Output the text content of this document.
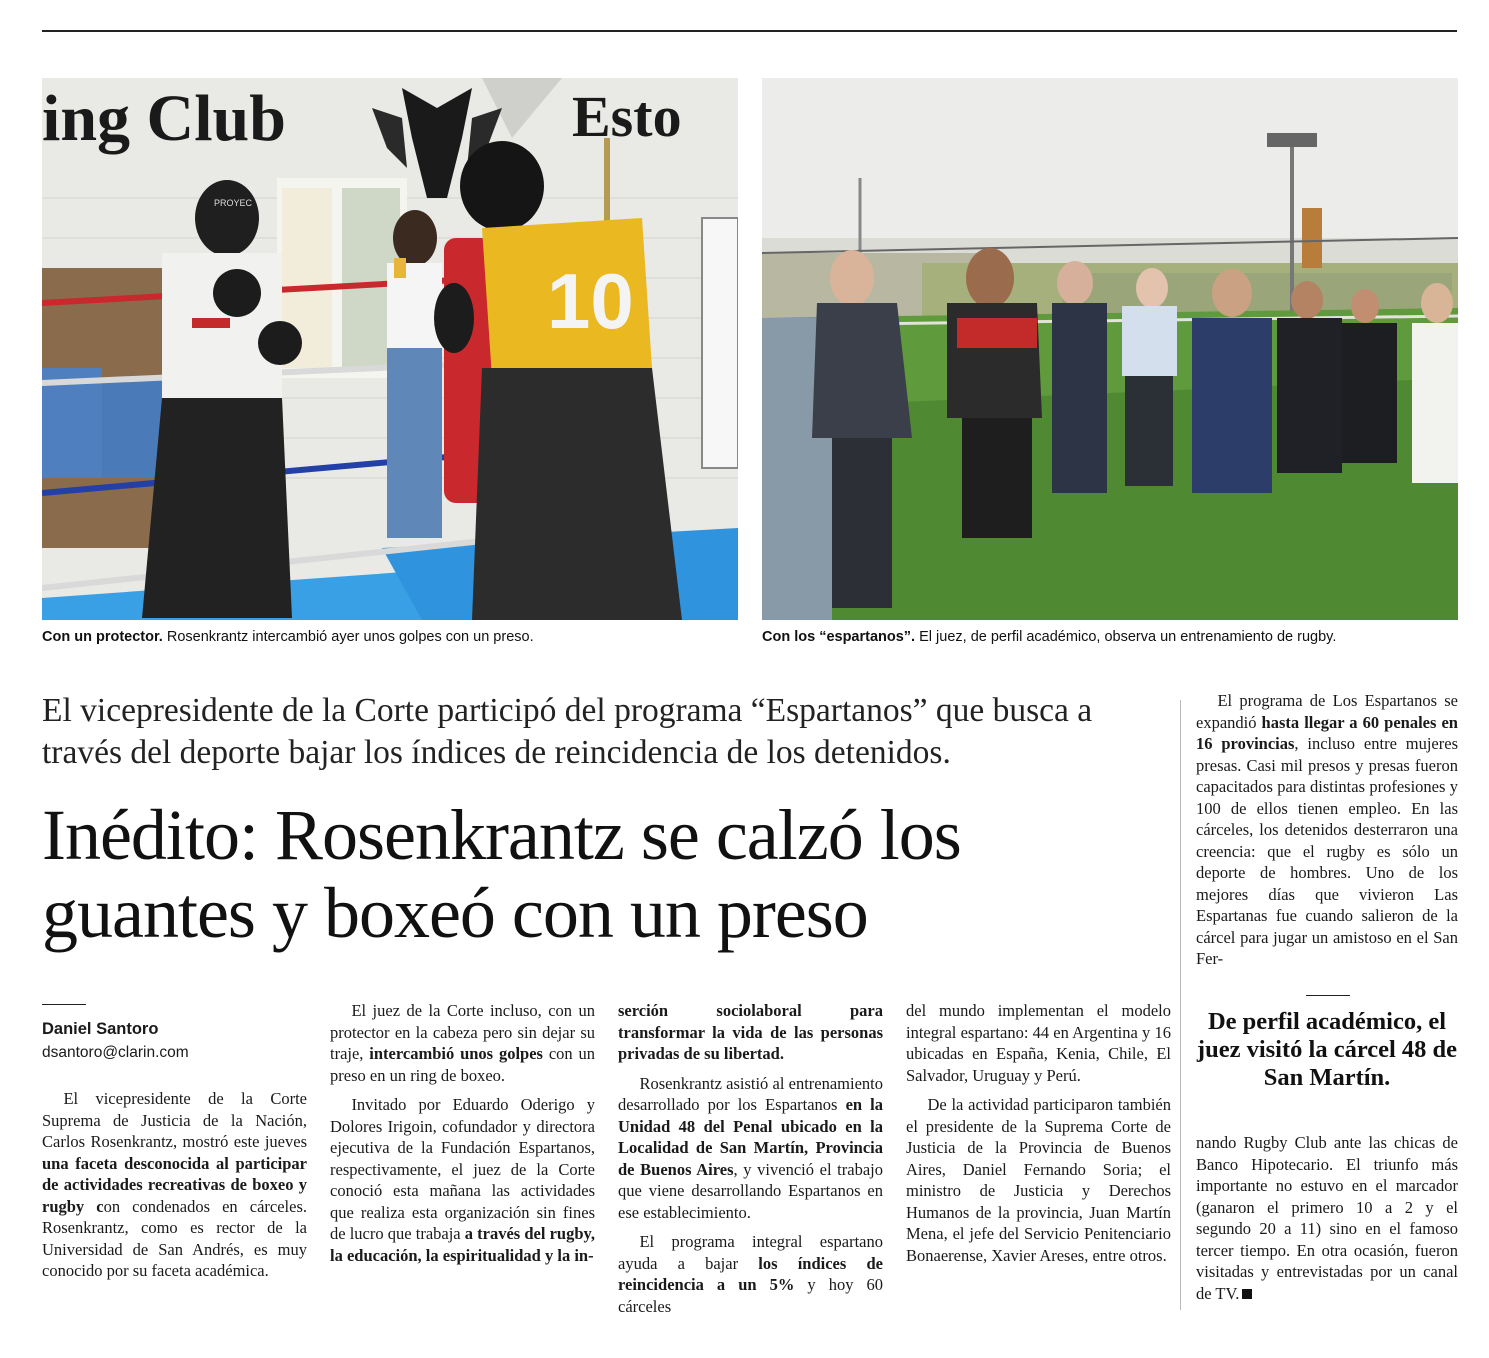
ing Club	Esto
PROYEC
10
Con un protector. Rosenkrantz intercambió ayer unos golpes con un preso.	Con los “espartanos”. El juez, de perfil académico, observa un entrenamiento de rugby.
El vicepresidente de la Corte participó del programa “Espartanos” que busca a través del deporte bajar los índices de reincidencia de los detenidos.
Inédito: Rosenkrantz se calzó los guantes y boxeó con un preso
Daniel Santoro
dsantoro@clarin.com

El vicepresidente de la Corte Suprema de Justicia de la Nación, Carlos Rosenkrantz, mostró este jueves una faceta desconocida al participar de actividades recreativas de boxeo y rugby con condenados en cárceles. Rosenkrantz, como es rector de la Universidad de San Andrés, es muy conocido por su faceta académica.

El juez de la Corte incluso, con un protector en la cabeza pero sin dejar su traje, intercambió unos golpes con un preso en un ring de boxeo.

Invitado por Eduardo Oderigo y Dolores Irigoin, cofundador y directora ejecutiva de la Fundación Espartanos, respectivamente, el juez de la Corte conoció esta mañana las actividades que realiza esta organización sin fines de lucro que trabaja a través del rugby, la educación, la espiritualidad y la in-

serción sociolaboral para transformar la vida de las personas privadas de su libertad.

Rosenkrantz asistió al entrenamiento desarrollado por los Espartanos en la Unidad 48 del Penal ubicado en la Localidad de San Martín, Provincia de Buenos Aires, y vivenció el trabajo que viene desarrollando Espartanos en ese establecimiento.

El programa integral espartano ayuda a bajar los índices de reincidencia a un 5% y hoy 60 cárceles

del mundo implementan el modelo integral espartano: 44 en Argentina y 16 ubicadas en España, Kenia, Chile, El Salvador, Uruguay y Perú.

De la actividad participaron también el presidente de la Suprema Corte de Justicia de la Provincia de Buenos Aires, Daniel Fernando Soria; el ministro de Justicia y Derechos Humanos de la provincia, Juan Martín Mena, el jefe del Servicio Penitenciario Bonaerense, Xavier Areses, entre otros.

El programa de Los Espartanos se expandió hasta llegar a 60 penales en 16 provincias, incluso entre mujeres presas. Casi mil presos y presas fueron capacitados para distintas profesiones y 100 de ellos tienen empleo. En las cárceles, los detenidos desterraron una creencia: que el rugby es sólo un deporte de hombres. Uno de los mejores días que vivieron Las Espartanas fue cuando salieron de la cárcel para jugar un amistoso en el San Fer-

De perfil académico, el juez visitó la cárcel 48 de San Martín.

nando Rugby Club ante las chicas de Banco Hipotecario. El triunfo más importante no estuvo en el marcador (ganaron el primero 10 a 2 y el segundo 20 a 11) sino en el famoso tercer tiempo. En otra ocasión, fueron visitadas y entrevistadas por un canal de TV.
